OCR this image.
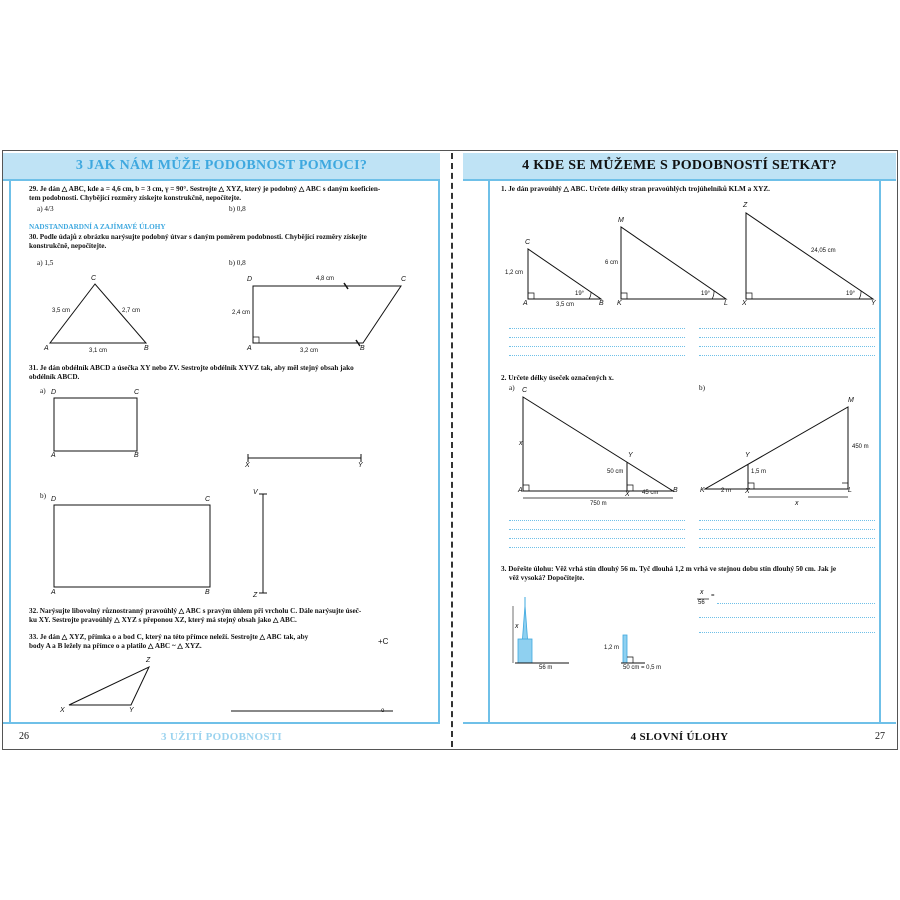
3 JAK NÁM MŮŽE PODOBNOST POMOCI?
29. Je dán △ ABC, kde a = 4,6 cm, b = 3 cm, γ = 90°. Sestrojte △ XYZ, který je podobný △ ABC s daným koeficien-
tem podobnosti. Chybějící rozměry získejte konstrukčně, nepočítejte.
a) 4/3	b) 0,8
NADSTANDARDNÍ A ZAJÍMAVÉ ÚLOHY
30. Podle údajů z obrázku narýsujte podobný útvar s daným poměrem podobnosti. Chybějící rozměry získejte
konstrukčně, nepočítejte.
a) 1,5	b) 0,8
C
A	B
3,5 cm	2,7 cm
3,1 cm
D	C
A	B
4,8 cm
2,4 cm
3,2 cm
31. Je dán obdélník ABCD a úsečka XY nebo ZV. Sestrojte obdélník XYVZ tak, aby měl stejný obsah jako
obdélník ABCD.
a) D	C
A	B
X	Y
b) D	C
A	B
V
Z
32. Narýsujte libovolný různostranný pravoúhlý △ ABC s pravým úhlem při vrcholu C. Dále narýsujte úseč-
ku XY. Sestrojte pravoúhlý △ XYZ s přeponou XZ, který má stejný obsah jako △ ABC.
33. Je dán △ XYZ, přímka o a bod C, který na této přímce neleží. Sestrojte △ ABC tak, aby
body A a B ležely na přímce o a platilo △ ABC ~ △ XYZ.	+C
Z
X	Y	o
26	3 UŽITÍ PODOBNOSTI
4 KDE SE MŮŽEME S PODOBNOSTÍ SETKAT?
1. Je dán pravoúhlý △ ABC. Určete délky stran pravoúhlých trojúhelníků KLM a XYZ.
C
A	B
1,2 cm
3,5 cm
19°
M
K	L
6 cm
19°
Z
X	Y
24,05 cm
19°
2. Určete délky úseček označených x.
a)	b)
C
A	B
X
Y
x
50 cm
45 cm
750 m
M
K	L
X
Y
1,5 m
2 m
450 m
x
3. Dořešte úlohu: Věž vrhá stín dlouhý 56 m. Tyč dlouhá 1,2 m vrhá ve stejnou dobu stín dlouhý 50 cm. Jak je
věž vysoká? Dopočítejte.
x
56 m
1,2 m
50 cm = 0,5 m
x
56
=
4 SLOVNÍ ÚLOHY	27
